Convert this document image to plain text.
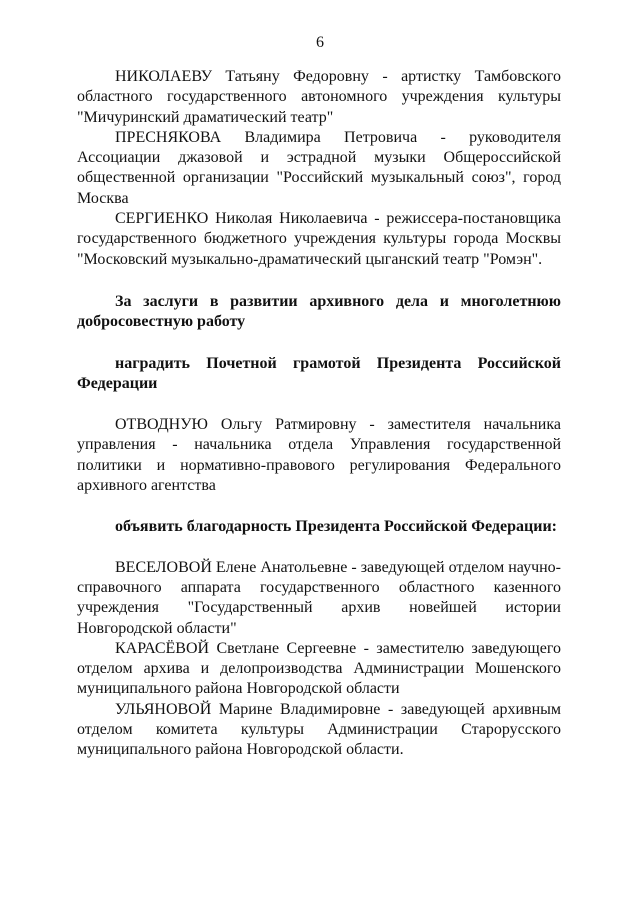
6

НИКОЛАЕВУ Татьяну Федоровну - артистку Тамбовского областного государственного автономного учреждения культуры "Мичуринский драматический театр"

ПРЕСНЯКОВА Владимира Петровича - руководителя Ассоциации джазовой и эстрадной музыки Общероссийской общественной организации "Российский музыкальный союз", город Москва

СЕРГИЕНКО Николая Николаевича - режиссера-постановщика государственного бюджетного учреждения культуры города Москвы "Московский музыкально-драматический цыганский театр "Ромэн".

За заслуги в развитии архивного дела и многолетнюю добросовестную работу

наградить Почетной грамотой Президента Российской Федерации

ОТВОДНУЮ Ольгу Ратмировну - заместителя начальника управления - начальника отдела Управления государственной политики и нормативно-правового регулирования Федерального архивного агентства

объявить благодарность Президента Российской Федерации:

ВЕСЕЛОВОЙ Елене Анатольевне - заведующей отделом научно-справочного аппарата государственного областного казенного учреждения "Государственный архив новейшей истории Новгородской области"

КАРАСЁВОЙ Светлане Сергеевне - заместителю заведующего отделом архива и делопроизводства Администрации Мошенского муниципального района Новгородской области

УЛЬЯНОВОЙ Марине Владимировне - заведующей архивным отделом комитета культуры Администрации Старорусского муниципального района Новгородской области.
